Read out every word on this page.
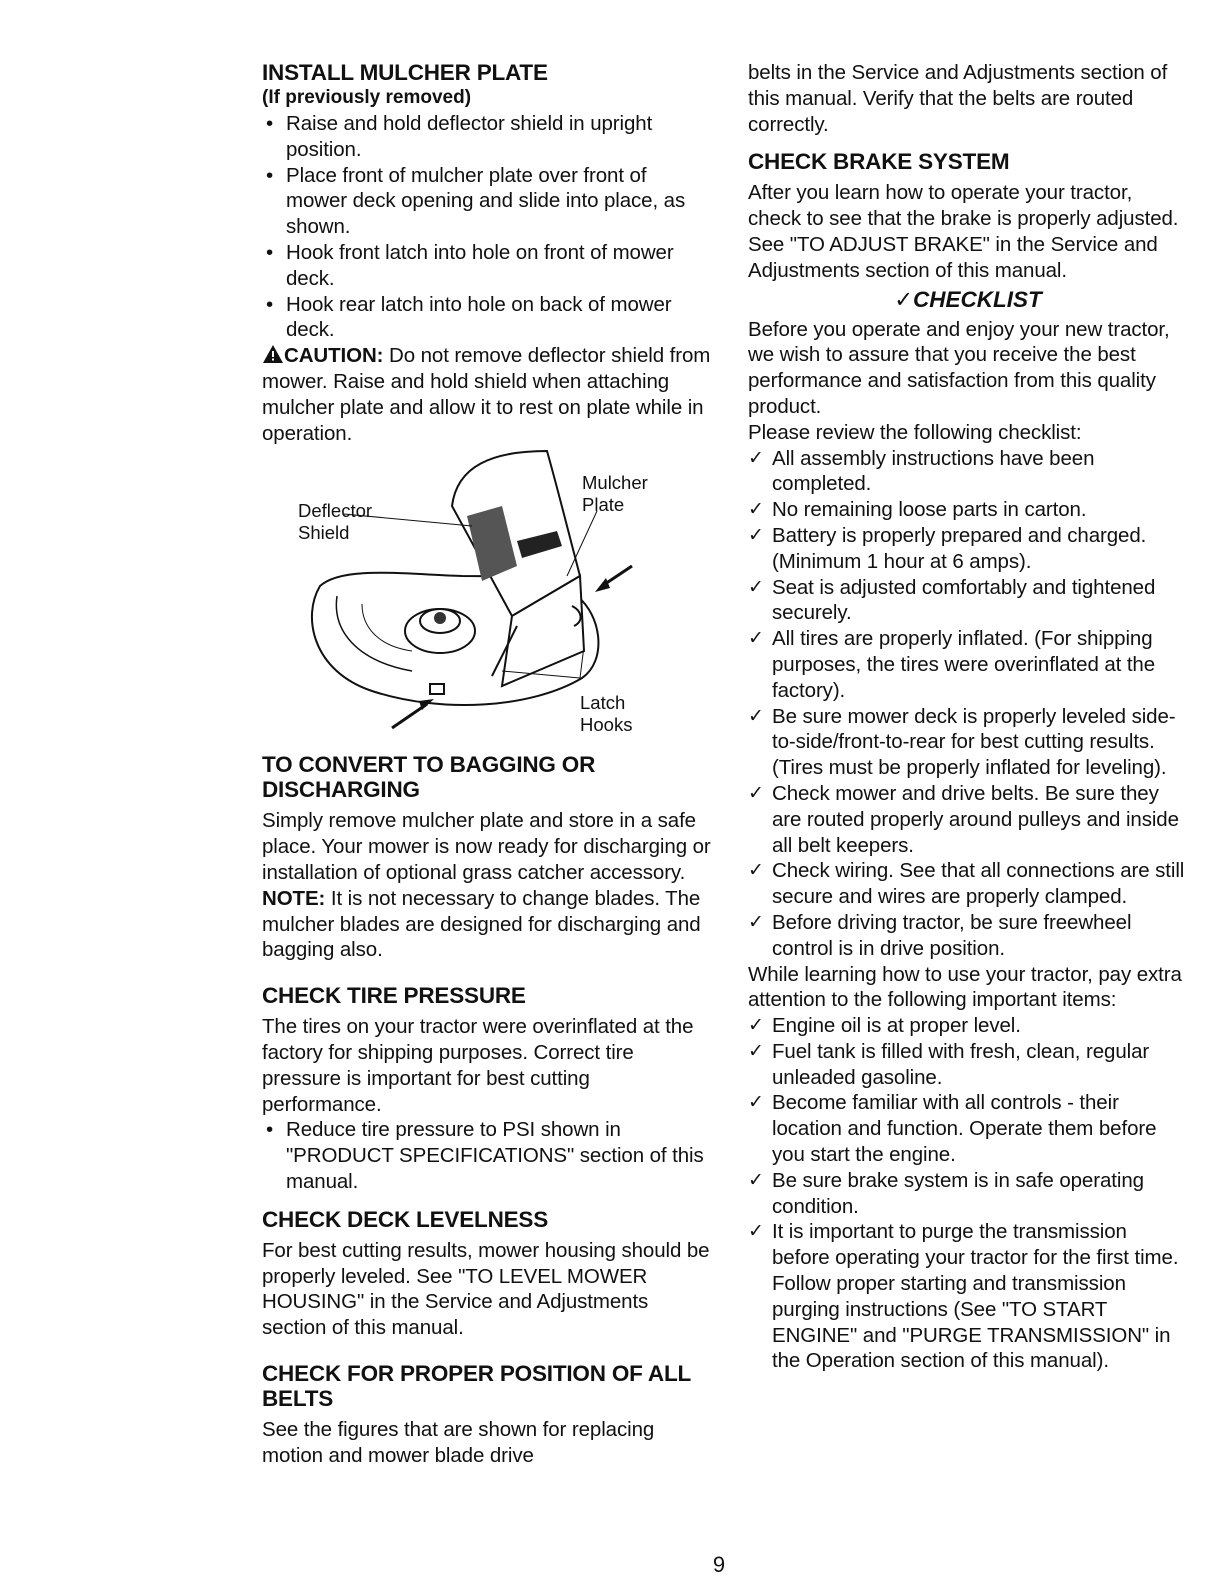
INSTALL MULCHER PLATE
(If previously removed)
• Raise and hold deflector shield in upright position.
• Place front of mulcher plate over front of mower deck opening and slide into place, as shown.
• Hook front latch into hole on front of mower deck.
• Hook rear latch into hole on back of mower deck.

CAUTION: Do not remove deflector shield from mower. Raise and hold shield when attaching mulcher plate and allow it to rest on plate while in operation.

Deflector Shield
Mulcher Plate
Latch Hooks
TO CONVERT TO BAGGING OR DISCHARGING

Simply remove mulcher plate and store in a safe place. Your mower is now ready for discharging or installation of optional grass catcher accessory.

NOTE: It is not necessary to change blades. The mulcher blades are designed for discharging and bagging also.

CHECK TIRE PRESSURE

The tires on your tractor were overinflated at the factory for shipping purposes. Correct tire pressure is important for best cutting performance.

• Reduce tire pressure to PSI shown in "PRODUCT SPECIFICATIONS" section of this manual.
CHECK DECK LEVELNESS

For best cutting results, mower housing should be properly leveled. See "TO LEVEL MOWER HOUSING" in the Service and Adjustments section of this manual.

CHECK FOR PROPER POSITION OF ALL BELTS

See the figures that are shown for replacing motion and mower blade drive

belts in the Service and Adjustments section of this manual. Verify that the belts are routed correctly.

CHECK BRAKE SYSTEM

After you learn how to operate your tractor, check to see that the brake is properly adjusted. See "TO ADJUST BRAKE" in the Service and Adjustments section of this manual.

✓CHECKLIST

Before you operate and enjoy your new tractor, we wish to assure that you receive the best performance and satisfaction from this quality product.

Please review the following checklist:

✓ All assembly instructions have been completed.
✓ No remaining loose parts in carton.
✓ Battery is properly prepared and charged. (Minimum 1 hour at 6 amps).
✓ Seat is adjusted comfortably and tightened securely.
✓ All tires are properly inflated. (For shipping purposes, the tires were overinflated at the factory).
✓ Be sure mower deck is properly leveled side-to-side/front-to-rear for best cutting results. (Tires must be properly inflated for leveling).
✓ Check mower and drive belts. Be sure they are routed properly around pulleys and inside all belt keepers.
✓ Check wiring. See that all connections are still secure and wires are properly clamped.
✓ Before driving tractor, be sure freewheel control is in drive position.

While learning how to use your tractor, pay extra attention to the following important items:

✓ Engine oil is at proper level.
✓ Fuel tank is filled with fresh, clean, regular unleaded gasoline.
✓ Become familiar with all controls - their location and function. Operate them before you start the engine.
✓ Be sure brake system is in safe operating condition.
✓ It is important to purge the transmission before operating your tractor for the first time. Follow proper starting and transmission purging instructions (See "TO START ENGINE" and "PURGE TRANSMISSION" in the Operation section of this manual).
9
